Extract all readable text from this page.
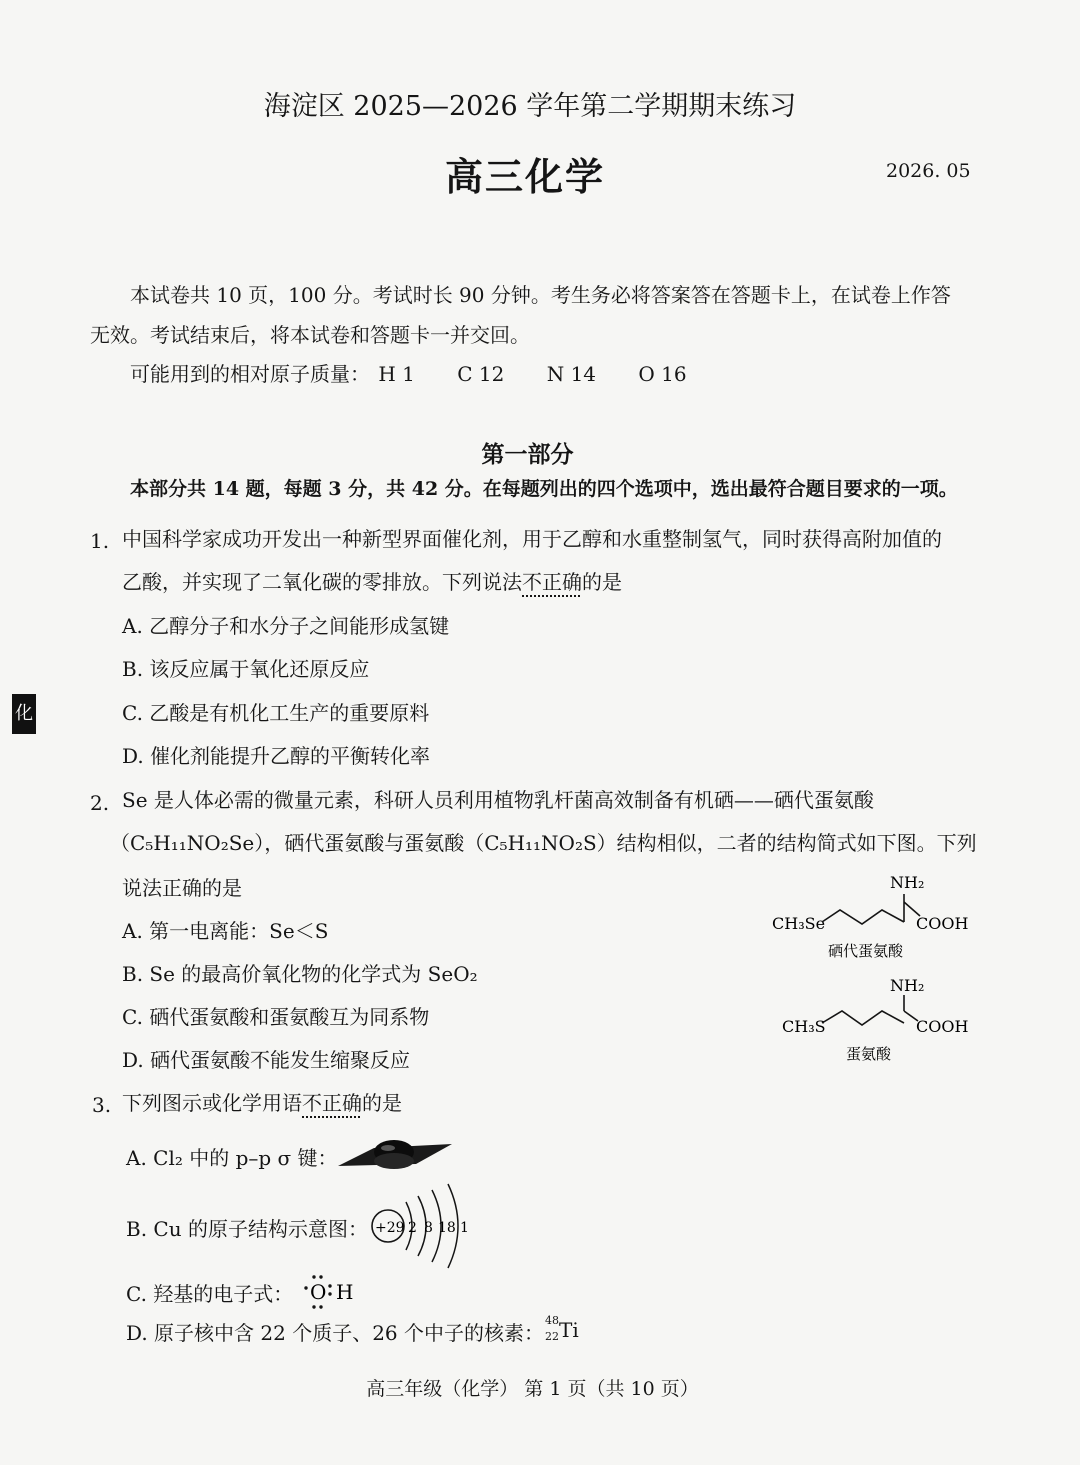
海淀区 2025—2026 学年第二学期期末练习
高三化学	2026. 05
本试卷共 10 页，100 分。考试时长 90 分钟。考生务必将答案答在答题卡上，在试卷上作答
无效。考试结束后，将本试卷和答题卡一并交回。
可能用到的相对原子质量： H 1 C 12 N 14 O 16
第一部分
本部分共 14 题，每题 3 分，共 42 分。在每题列出的四个选项中，选出最符合题目要求的一项。
化
1. 中国科学家成功开发出一种新型界面催化剂，用于乙醇和水重整制氢气，同时获得高附加值的
乙酸，并实现了二氧化碳的零排放。下列说法不正确的是
A. 乙醇分子和水分子之间能形成氢键
B. 该反应属于氧化还原反应
C. 乙酸是有机化工生产的重要原料
D. 催化剂能提升乙醇的平衡转化率
2. Se 是人体必需的微量元素，科研人员利用植物乳杆菌高效制备有机硒——硒代蛋氨酸
（C₅H₁₁NO₂Se），硒代蛋氨酸与蛋氨酸（C₅H₁₁NO₂S）结构相似，二者的结构简式如下图。下列
说法正确的是
A. 第一电离能：Se＜S
B. Se 的最高价氧化物的化学式为 SeO₂
C. 硒代蛋氨酸和蛋氨酸互为同系物
D. 硒代蛋氨酸不能发生缩聚反应
CH₃Se
NH₂
COOH
硒代蛋氨酸
CH₃S
NH₂
COOH
蛋氨酸
3. 下列图示或化学用语不正确的是
A. Cl₂ 中的 p–p σ 键：
B. Cu 的原子结构示意图： +29 2 8 18 1
C. 羟基的电子式： O H
D. 原子核中含 22 个质子、26 个中子的核素：
48
22 Ti
高三年级（化学） 第 1 页（共 10 页）
